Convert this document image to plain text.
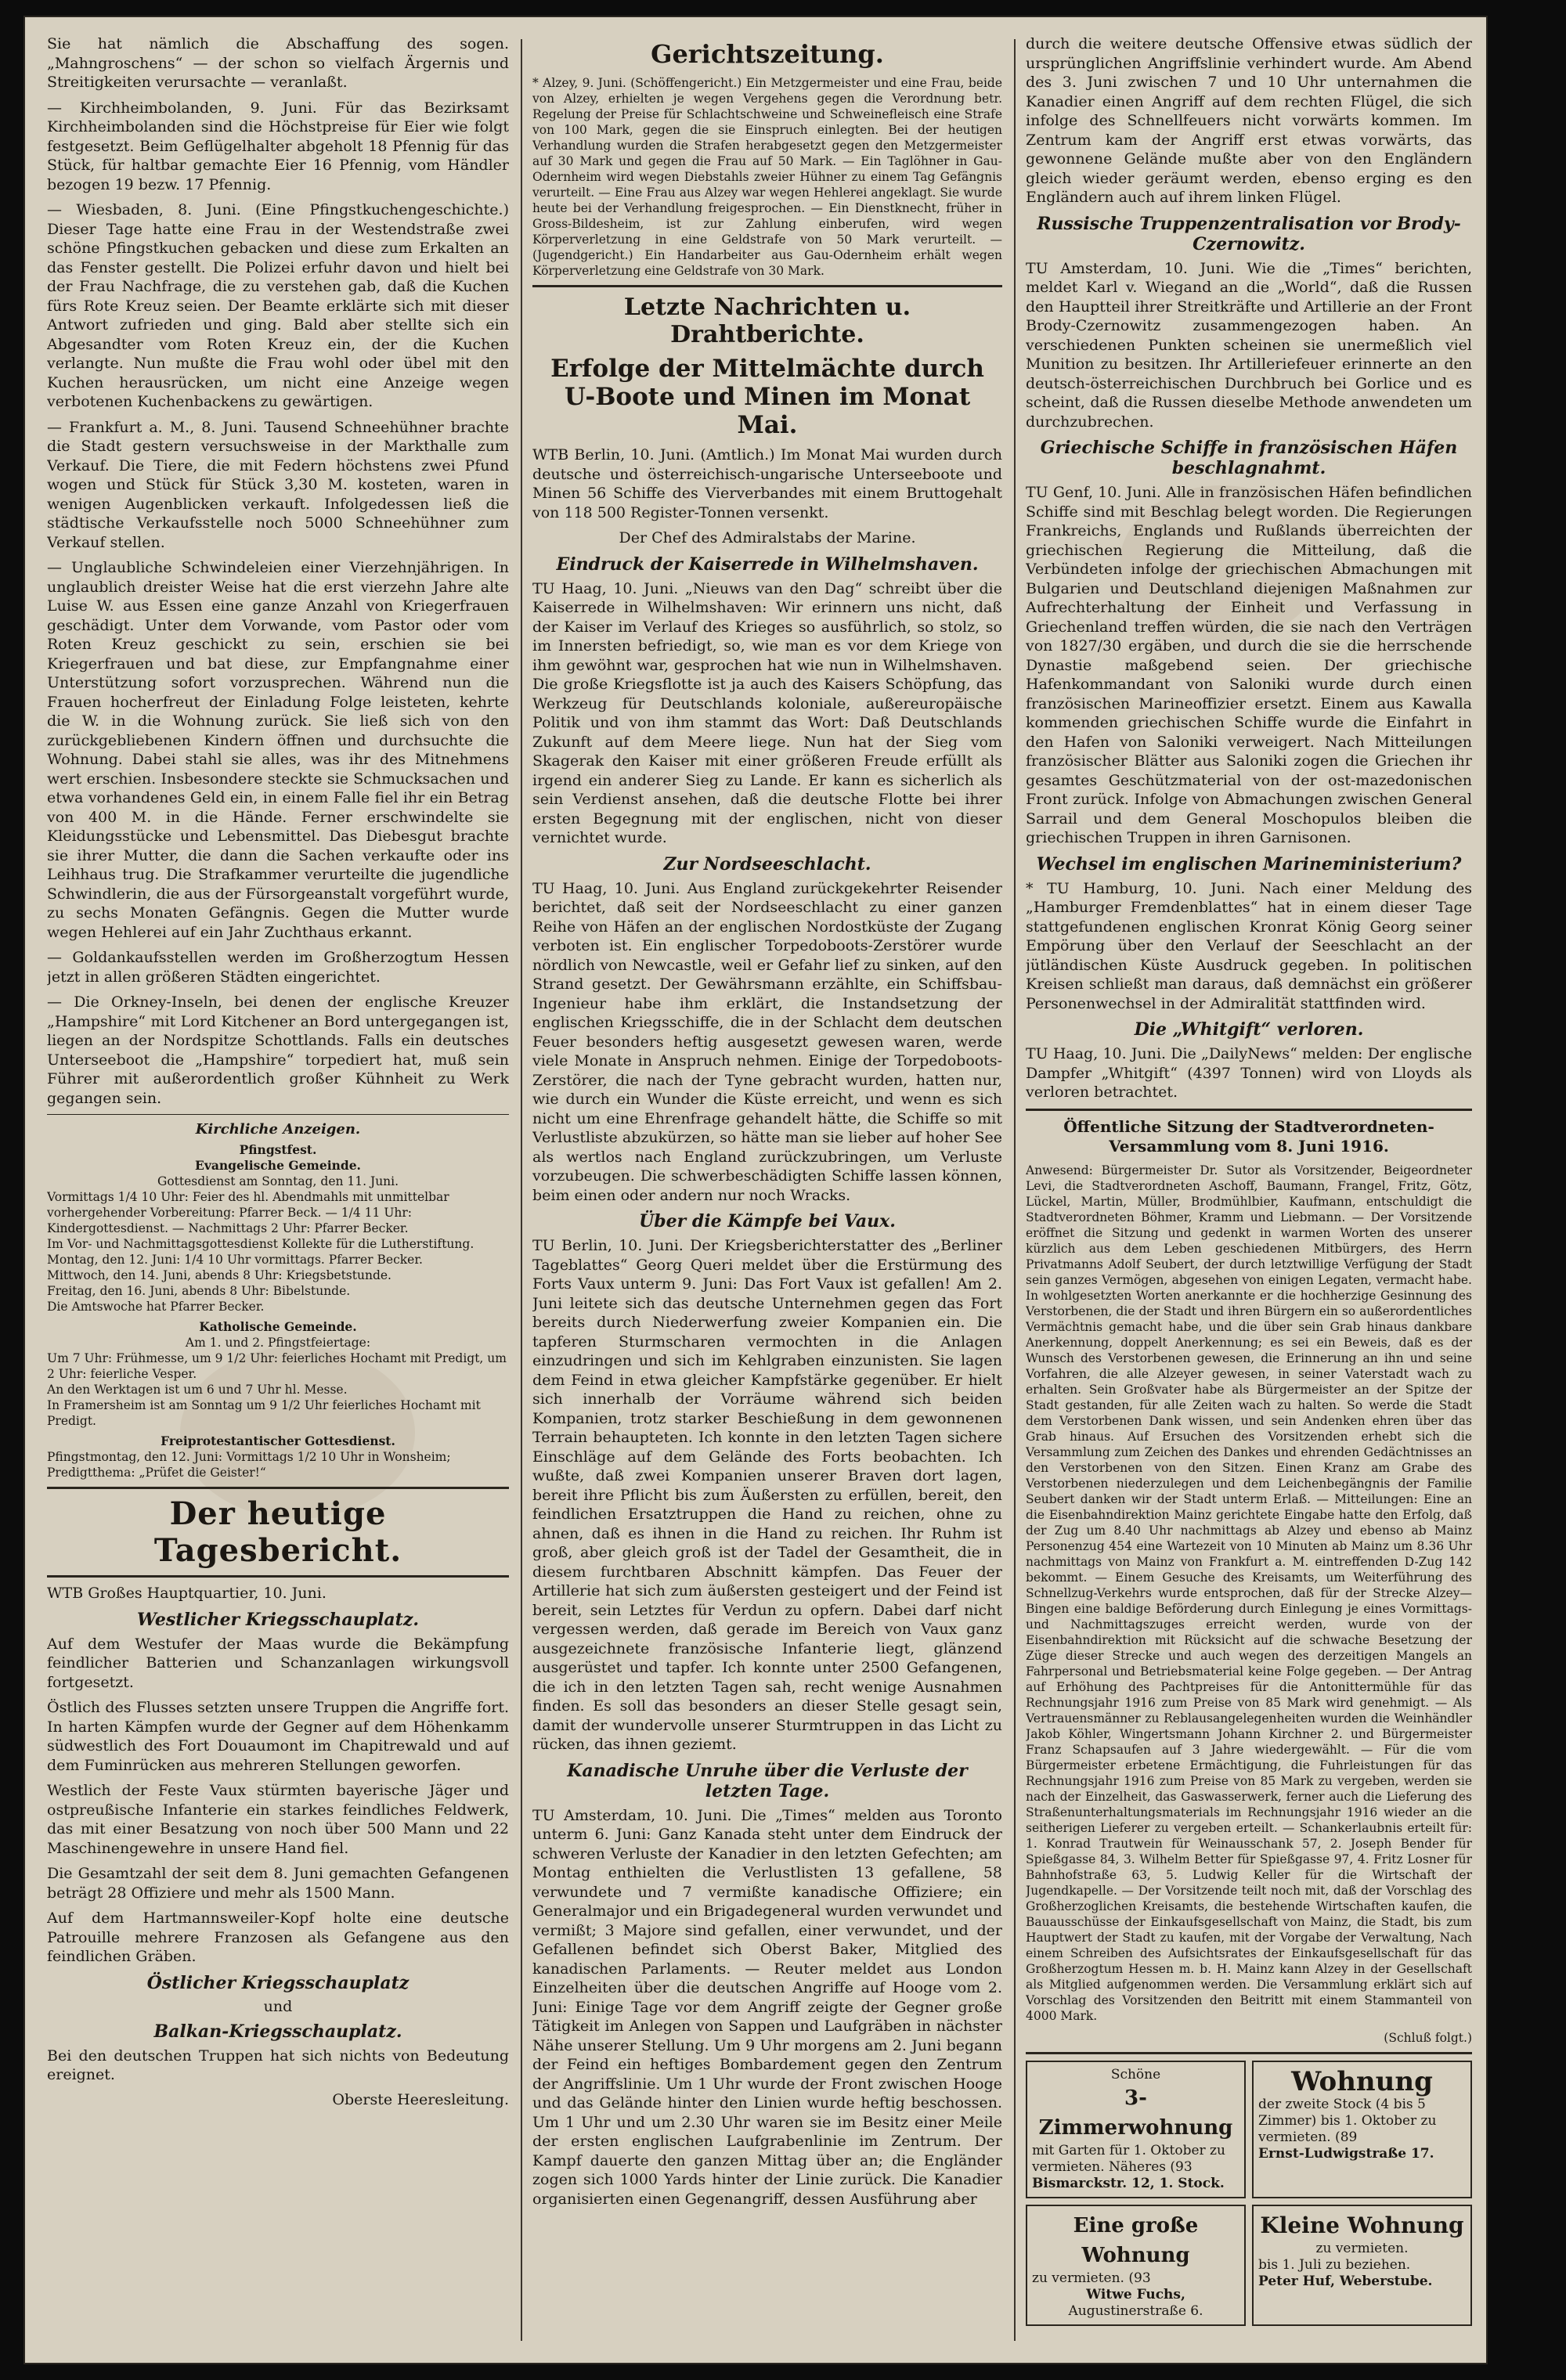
Sie hat nämlich die Abschaffung des sogen. „Mahngroschens“ — der schon so vielfach Ärgernis und Streitigkeiten verursachte — veranlaßt.

— Kirchheimbolanden, 9. Juni. Für das Bezirksamt Kirchheimbolanden sind die Höchstpreise für Eier wie folgt festgesetzt. Beim Geflügelhalter abgeholt 18 Pfennig für das Stück, für haltbar gemachte Eier 16 Pfennig, vom Händler bezogen 19 bezw. 17 Pfennig.

— Wiesbaden, 8. Juni. (Eine Pfingstkuchengeschichte.) Dieser Tage hatte eine Frau in der Westendstraße zwei schöne Pfingstkuchen gebacken und diese zum Erkalten an das Fenster gestellt. Die Polizei erfuhr davon und hielt bei der Frau Nachfrage, die zu verstehen gab, daß die Kuchen fürs Rote Kreuz seien. Der Beamte erklärte sich mit dieser Antwort zufrieden und ging. Bald aber stellte sich ein Abgesandter vom Roten Kreuz ein, der die Kuchen verlangte. Nun mußte die Frau wohl oder übel mit den Kuchen herausrücken, um nicht eine Anzeige wegen verbotenen Kuchenbackens zu gewärtigen.

— Frankfurt a. M., 8. Juni. Tausend Schneehühner brachte die Stadt gestern versuchsweise in der Markthalle zum Verkauf. Die Tiere, die mit Federn höchstens zwei Pfund wogen und Stück für Stück 3,30 M. kosteten, waren in wenigen Augenblicken verkauft. Infolgedessen ließ die städtische Verkaufsstelle noch 5000 Schneehühner zum Verkauf stellen.

— Unglaubliche Schwindeleien einer Vierzehnjährigen. In unglaublich dreister Weise hat die erst vierzehn Jahre alte Luise W. aus Essen eine ganze Anzahl von Kriegerfrauen geschädigt. Unter dem Vorwande, vom Pastor oder vom Roten Kreuz geschickt zu sein, erschien sie bei Kriegerfrauen und bat diese, zur Empfangnahme einer Unterstützung sofort vorzusprechen. Während nun die Frauen hocherfreut der Einladung Folge leisteten, kehrte die W. in die Wohnung zurück. Sie ließ sich von den zurückgebliebenen Kindern öffnen und durchsuchte die Wohnung. Dabei stahl sie alles, was ihr des Mitnehmens wert erschien. Insbesondere steckte sie Schmucksachen und etwa vorhandenes Geld ein, in einem Falle fiel ihr ein Betrag von 400 M. in die Hände. Ferner erschwindelte sie Kleidungsstücke und Lebensmittel. Das Diebesgut brachte sie ihrer Mutter, die dann die Sachen verkaufte oder ins Leihhaus trug. Die Strafkammer verurteilte die jugendliche Schwindlerin, die aus der Fürsorgeanstalt vorgeführt wurde, zu sechs Monaten Gefängnis. Gegen die Mutter wurde wegen Hehlerei auf ein Jahr Zuchthaus erkannt.

— Goldankaufsstellen werden im Großherzogtum Hessen jetzt in allen größeren Städten eingerichtet.

— Die Orkney-Inseln, bei denen der englische Kreuzer „Hampshire“ mit Lord Kitchener an Bord untergegangen ist, liegen an der Nordspitze Schottlands. Falls ein deutsches Unterseeboot die „Hampshire“ torpediert hat, muß sein Führer mit außerordentlich großer Kühnheit zu Werk gegangen sein.

Kirchliche Anzeigen.
Pfingstfest.
Evangelische Gemeinde.
Gottesdienst am Sonntag, den 11. Juni.
Vormittags 1/4 10 Uhr: Feier des hl. Abendmahls mit unmittelbar vorhergehender Vorbereitung: Pfarrer Beck. — 1/4 11 Uhr: Kindergottesdienst. — Nachmittags 2 Uhr: Pfarrer Becker.
Im Vor- und Nachmittagsgottesdienst Kollekte für die Lutherstiftung.
Montag, den 12. Juni: 1/4 10 Uhr vormittags. Pfarrer Becker.
Mittwoch, den 14. Juni, abends 8 Uhr: Kriegsbetstunde.
Freitag, den 16. Juni, abends 8 Uhr: Bibelstunde.
Die Amtswoche hat Pfarrer Becker.
Katholische Gemeinde.
Am 1. und 2. Pfingstfeiertage:
Um 7 Uhr: Frühmesse, um 9 1/2 Uhr: feierliches Hochamt mit Predigt, um 2 Uhr: feierliche Vesper.
An den Werktagen ist um 6 und 7 Uhr hl. Messe.
In Framersheim ist am Sonntag um 9 1/2 Uhr feierliches Hochamt mit Predigt.
Freiprotestantischer Gottesdienst.
Pfingstmontag, den 12. Juni: Vormittags 1/2 10 Uhr in Wonsheim; Predigtthema: „Prüfet die Geister!“
Der heutige Tagesbericht.

WTB Großes Hauptquartier, 10. Juni.

Westlicher Kriegsschauplatz.

Auf dem Westufer der Maas wurde die Bekämpfung feindlicher Batterien und Schanzanlagen wirkungsvoll fortgesetzt.

Östlich des Flusses setzten unsere Truppen die Angriffe fort. In harten Kämpfen wurde der Gegner auf dem Höhenkamm südwestlich des Fort Douaumont im Chapitrewald und auf dem Fuminrücken aus mehreren Stellungen geworfen.

Westlich der Feste Vaux stürmten bayerische Jäger und ostpreußische Infanterie ein starkes feindliches Feldwerk, das mit einer Besatzung von noch über 500 Mann und 22 Maschinengewehre in unsere Hand fiel.

Die Gesamtzahl der seit dem 8. Juni gemachten Gefangenen beträgt 28 Offiziere und mehr als 1500 Mann.

Auf dem Hartmannsweiler-Kopf holte eine deutsche Patrouille mehrere Franzosen als Gefangene aus den feindlichen Gräben.

Östlicher Kriegsschauplatz
und
Balkan-Kriegsschauplatz.

Bei den deutschen Truppen hat sich nichts von Bedeutung ereignet.

Oberste Heeresleitung.
Gerichtszeitung.

* Alzey, 9. Juni. (Schöffengericht.) Ein Metzgermeister und eine Frau, beide von Alzey, erhielten je wegen Vergehens gegen die Verordnung betr. Regelung der Preise für Schlachtschweine und Schweinefleisch eine Strafe von 100 Mark, gegen die sie Einspruch einlegten. Bei der heutigen Verhandlung wurden die Strafen herabgesetzt gegen den Metzgermeister auf 30 Mark und gegen die Frau auf 50 Mark. — Ein Taglöhner in Gau-Odernheim wird wegen Diebstahls zweier Hühner zu einem Tag Gefängnis verurteilt. — Eine Frau aus Alzey war wegen Hehlerei angeklagt. Sie wurde heute bei der Verhandlung freigesprochen. — Ein Dienstknecht, früher in Gross-Bildesheim, ist zur Zahlung einberufen, wird wegen Körperverletzung in eine Geldstrafe von 50 Mark verurteilt. — (Jugendgericht.) Ein Handarbeiter aus Gau-Odernheim erhält wegen Körperverletzung eine Geldstrafe von 30 Mark.

Letzte Nachrichten u. Drahtberichte.
Erfolge der Mittelmächte durch U-Boote und Minen im Monat Mai.

WTB Berlin, 10. Juni. (Amtlich.) Im Monat Mai wurden durch deutsche und österreichisch-ungarische Unterseeboote und Minen 56 Schiffe des Vierverbandes mit einem Bruttogehalt von 118 500 Register-Tonnen versenkt.

Der Chef des Admiralstabs der Marine.

Eindruck der Kaiserrede in Wilhelmshaven.

TU Haag, 10. Juni. „Nieuws van den Dag“ schreibt über die Kaiserrede in Wilhelmshaven: Wir erinnern uns nicht, daß der Kaiser im Verlauf des Krieges so ausführlich, so stolz, so im Innersten befriedigt, so, wie man es vor dem Kriege von ihm gewöhnt war, gesprochen hat wie nun in Wilhelmshaven. Die große Kriegsflotte ist ja auch des Kaisers Schöpfung, das Werkzeug für Deutschlands koloniale, außereuropäische Politik und von ihm stammt das Wort: Daß Deutschlands Zukunft auf dem Meere liege. Nun hat der Sieg vom Skagerak den Kaiser mit einer größeren Freude erfüllt als irgend ein anderer Sieg zu Lande. Er kann es sicherlich als sein Verdienst ansehen, daß die deutsche Flotte bei ihrer ersten Begegnung mit der englischen, nicht von dieser vernichtet wurde.

Zur Nordseeschlacht.

TU Haag, 10. Juni. Aus England zurückgekehrter Reisender berichtet, daß seit der Nordseeschlacht zu einer ganzen Reihe von Häfen an der englischen Nordostküste der Zugang verboten ist. Ein englischer Torpedoboots-Zerstörer wurde nördlich von Newcastle, weil er Gefahr lief zu sinken, auf den Strand gesetzt. Der Gewährsmann erzählte, ein Schiffsbau-Ingenieur habe ihm erklärt, die Instandsetzung der englischen Kriegsschiffe, die in der Schlacht dem deutschen Feuer besonders heftig ausgesetzt gewesen waren, werde viele Monate in Anspruch nehmen. Einige der Torpedoboots-Zerstörer, die nach der Tyne gebracht wurden, hatten nur, wie durch ein Wunder die Küste erreicht, und wenn es sich nicht um eine Ehrenfrage gehandelt hätte, die Schiffe so mit Verlustliste abzukürzen, so hätte man sie lieber auf hoher See als wertlos nach England zurückzubringen, um Verluste vorzubeugen. Die schwerbeschädigten Schiffe lassen können, beim einen oder andern nur noch Wracks.

Über die Kämpfe bei Vaux.

TU Berlin, 10. Juni. Der Kriegsberichterstatter des „Berliner Tageblattes“ Georg Queri meldet über die Erstürmung des Forts Vaux unterm 9. Juni: Das Fort Vaux ist gefallen! Am 2. Juni leitete sich das deutsche Unternehmen gegen das Fort bereits durch Niederwerfung zweier Kompanien ein. Die tapferen Sturmscharen vermochten in die Anlagen einzudringen und sich im Kehlgraben einzunisten. Sie lagen dem Feind in etwa gleicher Kampfstärke gegenüber. Er hielt sich innerhalb der Vorräume während sich beiden Kompanien, trotz starker Beschießung in dem gewonnenen Terrain behaupteten. Ich konnte in den letzten Tagen sichere Einschläge auf dem Gelände des Forts beobachten. Ich wußte, daß zwei Kompanien unserer Braven dort lagen, bereit ihre Pflicht bis zum Äußersten zu erfüllen, bereit, den feindlichen Ersatztruppen die Hand zu reichen, ohne zu ahnen, daß es ihnen in die Hand zu reichen. Ihr Ruhm ist groß, aber gleich groß ist der Tadel der Gesamtheit, die in diesem furchtbaren Abschnitt kämpfen. Das Feuer der Artillerie hat sich zum äußersten gesteigert und der Feind ist bereit, sein Letztes für Verdun zu opfern. Dabei darf nicht vergessen werden, daß gerade im Bereich von Vaux ganz ausgezeichnete französische Infanterie liegt, glänzend ausgerüstet und tapfer. Ich konnte unter 2500 Gefangenen, die ich in den letzten Tagen sah, recht wenige Ausnahmen finden. Es soll das besonders an dieser Stelle gesagt sein, damit der wundervolle unserer Sturmtruppen in das Licht zu rücken, das ihnen geziemt.

Kanadische Unruhe über die Verluste der letzten Tage.

TU Amsterdam, 10. Juni. Die „Times“ melden aus Toronto unterm 6. Juni: Ganz Kanada steht unter dem Eindruck der schweren Verluste der Kanadier in den letzten Gefechten; am Montag enthielten die Verlustlisten 13 gefallene, 58 verwundete und 7 vermißte kanadische Offiziere; ein Generalmajor und ein Brigadegeneral wurden verwundet und vermißt; 3 Majore sind gefallen, einer verwundet, und der Gefallenen befindet sich Oberst Baker, Mitglied des kanadischen Parlaments. — Reuter meldet aus London Einzelheiten über die deutschen Angriffe auf Hooge vom 2. Juni: Einige Tage vor dem Angriff zeigte der Gegner große Tätigkeit im Anlegen von Sappen und Laufgräben in nächster Nähe unserer Stellung. Um 9 Uhr morgens am 2. Juni begann der Feind ein heftiges Bombardement gegen den Zentrum der Angriffslinie. Um 1 Uhr wurde der Front zwischen Hooge und das Gelände hinter den Linien wurde heftig beschossen. Um 1 Uhr und um 2.30 Uhr waren sie im Besitz einer Meile der ersten englischen Laufgrabenlinie im Zentrum. Der Kampf dauerte den ganzen Mittag über an; die Engländer zogen sich 1000 Yards hinter der Linie zurück. Die Kanadier organisierten einen Gegenangriff, dessen Ausführung aber

durch die weitere deutsche Offensive etwas südlich der ursprünglichen Angriffslinie verhindert wurde. Am Abend des 3. Juni zwischen 7 und 10 Uhr unternahmen die Kanadier einen Angriff auf dem rechten Flügel, die sich infolge des Schnellfeuers nicht vorwärts kommen. Im Zentrum kam der Angriff erst etwas vorwärts, das gewonnene Gelände mußte aber von den Engländern gleich wieder geräumt werden, ebenso erging es den Engländern auch auf ihrem linken Flügel.

Russische Truppenzentralisation vor Brody-Czernowitz.

TU Amsterdam, 10. Juni. Wie die „Times“ berichten, meldet Karl v. Wiegand an die „World“, daß die Russen den Hauptteil ihrer Streitkräfte und Artillerie an der Front Brody-Czernowitz zusammengezogen haben. An verschiedenen Punkten scheinen sie unermeßlich viel Munition zu besitzen. Ihr Artilleriefeuer erinnerte an den deutsch-österreichischen Durchbruch bei Gorlice und es scheint, daß die Russen dieselbe Methode anwendeten um durchzubrechen.

Griechische Schiffe in französischen Häfen beschlagnahmt.

TU Genf, 10. Juni. Alle in französischen Häfen befindlichen Schiffe sind mit Beschlag belegt worden. Die Regierungen Frankreichs, Englands und Rußlands überreichten der griechischen Regierung die Mitteilung, daß die Verbündeten infolge der griechischen Abmachungen mit Bulgarien und Deutschland diejenigen Maßnahmen zur Aufrechterhaltung der Einheit und Verfassung in Griechenland treffen würden, die sie nach den Verträgen von 1827/30 ergäben, und durch die sie die herrschende Dynastie maßgebend seien. Der griechische Hafenkommandant von Saloniki wurde durch einen französischen Marineoffizier ersetzt. Einem aus Kawalla kommenden griechischen Schiffe wurde die Einfahrt in den Hafen von Saloniki verweigert. Nach Mitteilungen französischer Blätter aus Saloniki zogen die Griechen ihr gesamtes Geschützmaterial von der ost-mazedonischen Front zurück. Infolge von Abmachungen zwischen General Sarrail und dem General Moschopulos bleiben die griechischen Truppen in ihren Garnisonen.

Wechsel im englischen Marineministerium?

* TU Hamburg, 10. Juni. Nach einer Meldung des „Hamburger Fremdenblattes“ hat in einem dieser Tage stattgefundenen englischen Kronrat König Georg seiner Empörung über den Verlauf der Seeschlacht an der jütländischen Küste Ausdruck gegeben. In politischen Kreisen schließt man daraus, daß demnächst ein größerer Personenwechsel in der Admiralität stattfinden wird.

Die „Whitgift“ verloren.

TU Haag, 10. Juni. Die „DailyNews“ melden: Der englische Dampfer „Whitgift“ (4397 Tonnen) wird von Lloyds als verloren betrachtet.

Öffentliche Sitzung der Stadtverordneten-Versammlung vom 8. Juni 1916.

Anwesend: Bürgermeister Dr. Sutor als Vorsitzender, Beigeordneter Levi, die Stadtverordneten Aschoff, Baumann, Frangel, Fritz, Götz, Lückel, Martin, Müller, Brodmühlbier, Kaufmann, entschuldigt die Stadtverordneten Böhmer, Kramm und Liebmann. — Der Vorsitzende eröffnet die Sitzung und gedenkt in warmen Worten des unserer kürzlich aus dem Leben geschiedenen Mitbürgers, des Herrn Privatmanns Adolf Seubert, der durch letztwillige Verfügung der Stadt sein ganzes Vermögen, abgesehen von einigen Legaten, vermacht habe. In wohlgesetzten Worten anerkannte er die hochherzige Gesinnung des Verstorbenen, die der Stadt und ihren Bürgern ein so außerordentliches Vermächtnis gemacht habe, und die über sein Grab hinaus dankbare Anerkennung, doppelt Anerkennung; es sei ein Beweis, daß es der Wunsch des Verstorbenen gewesen, die Erinnerung an ihn und seine Vorfahren, die alle Alzeyer gewesen, in seiner Vaterstadt wach zu erhalten. Sein Großvater habe als Bürgermeister an der Spitze der Stadt gestanden, für alle Zeiten wach zu halten. So werde die Stadt dem Verstorbenen Dank wissen, und sein Andenken ehren über das Grab hinaus. Auf Ersuchen des Vorsitzenden erhebt sich die Versammlung zum Zeichen des Dankes und ehrenden Gedächtnisses an den Verstorbenen von den Sitzen. Einen Kranz am Grabe des Verstorbenen niederzulegen und dem Leichenbegängnis der Familie Seubert danken wir der Stadt unterm Erlaß. — Mitteilungen: Eine an die Eisenbahndirektion Mainz gerichtete Eingabe hatte den Erfolg, daß der Zug um 8.40 Uhr nachmittags ab Alzey und ebenso ab Mainz Personenzug 454 eine Wartezeit von 10 Minuten ab Mainz um 8.36 Uhr nachmittags von Mainz von Frankfurt a. M. eintreffenden D-Zug 142 bekommt. — Einem Gesuche des Kreisamts, um Weiterführung des Schnellzug-Verkehrs wurde entsprochen, daß für der Strecke Alzey—Bingen eine baldige Beförderung durch Einlegung je eines Vormittags- und Nachmittagszuges erreicht werden, wurde von der Eisenbahndirektion mit Rücksicht auf die schwache Besetzung der Züge dieser Strecke und auch wegen des derzeitigen Mangels an Fahrpersonal und Betriebsmaterial keine Folge gegeben. — Der Antrag auf Erhöhung des Pachtpreises für die Antonittermühle für das Rechnungsjahr 1916 zum Preise von 85 Mark wird genehmigt. — Als Vertrauensmänner zu Reblausangelegenheiten wurden die Weinhändler Jakob Köhler, Wingertsmann Johann Kirchner 2. und Bürgermeister Franz Schapsaufen auf 3 Jahre wiedergewählt. — Für die vom Bürgermeister erbetene Ermächtigung, die Fuhrleistungen für das Rechnungsjahr 1916 zum Preise von 85 Mark zu vergeben, werden sie nach der Einzelheit, das Gaswasserwerk, ferner auch die Lieferung des Straßenunterhaltungsmaterials im Rechnungsjahr 1916 wieder an die seitherigen Lieferer zu vergeben erteilt. — Schankerlaubnis erteilt für: 1. Konrad Trautwein für Weinausschank 57, 2. Joseph Bender für Spießgasse 84, 3. Wilhelm Better für Spießgasse 97, 4. Fritz Losner für Bahnhofstraße 63, 5. Ludwig Keller für die Wirtschaft der Jugendkapelle. — Der Vorsitzende teilt noch mit, daß der Vorschlag des Großherzoglichen Kreisamts, die bestehende Wirtschaften kaufen, die Bauausschüsse der Einkaufsgesellschaft von Mainz, die Stadt, bis zum Hauptwert der Stadt zu kaufen, mit der Vorgabe der Verwaltung, Nach einem Schreiben des Aufsichtsrates der Einkaufsgesellschaft für das Großherzogtum Hessen m. b. H. Mainz kann Alzey in der Gesellschaft als Mitglied aufgenommen werden. Die Versammlung erklärt sich auf Vorschlag des Vorsitzenden den Beitritt mit einem Stammanteil von 4000 Mark.

(Schluß folgt.)
Schöne
3-Zimmerwohnung
mit Garten für 1. Oktober zu vermieten. Näheres (93
Bismarckstr. 12, 1. Stock.
Wohnung
der zweite Stock (4 bis 5 Zimmer) bis 1. Oktober zu vermieten. (89
Ernst-Ludwigstraße 17.
Eine große Wohnung
zu vermieten. (93
Witwe Fuchs,
Augustinerstraße 6.
Kleine Wohnung
zu vermieten.
bis 1. Juli zu beziehen.
Peter Huf, Weberstube.
